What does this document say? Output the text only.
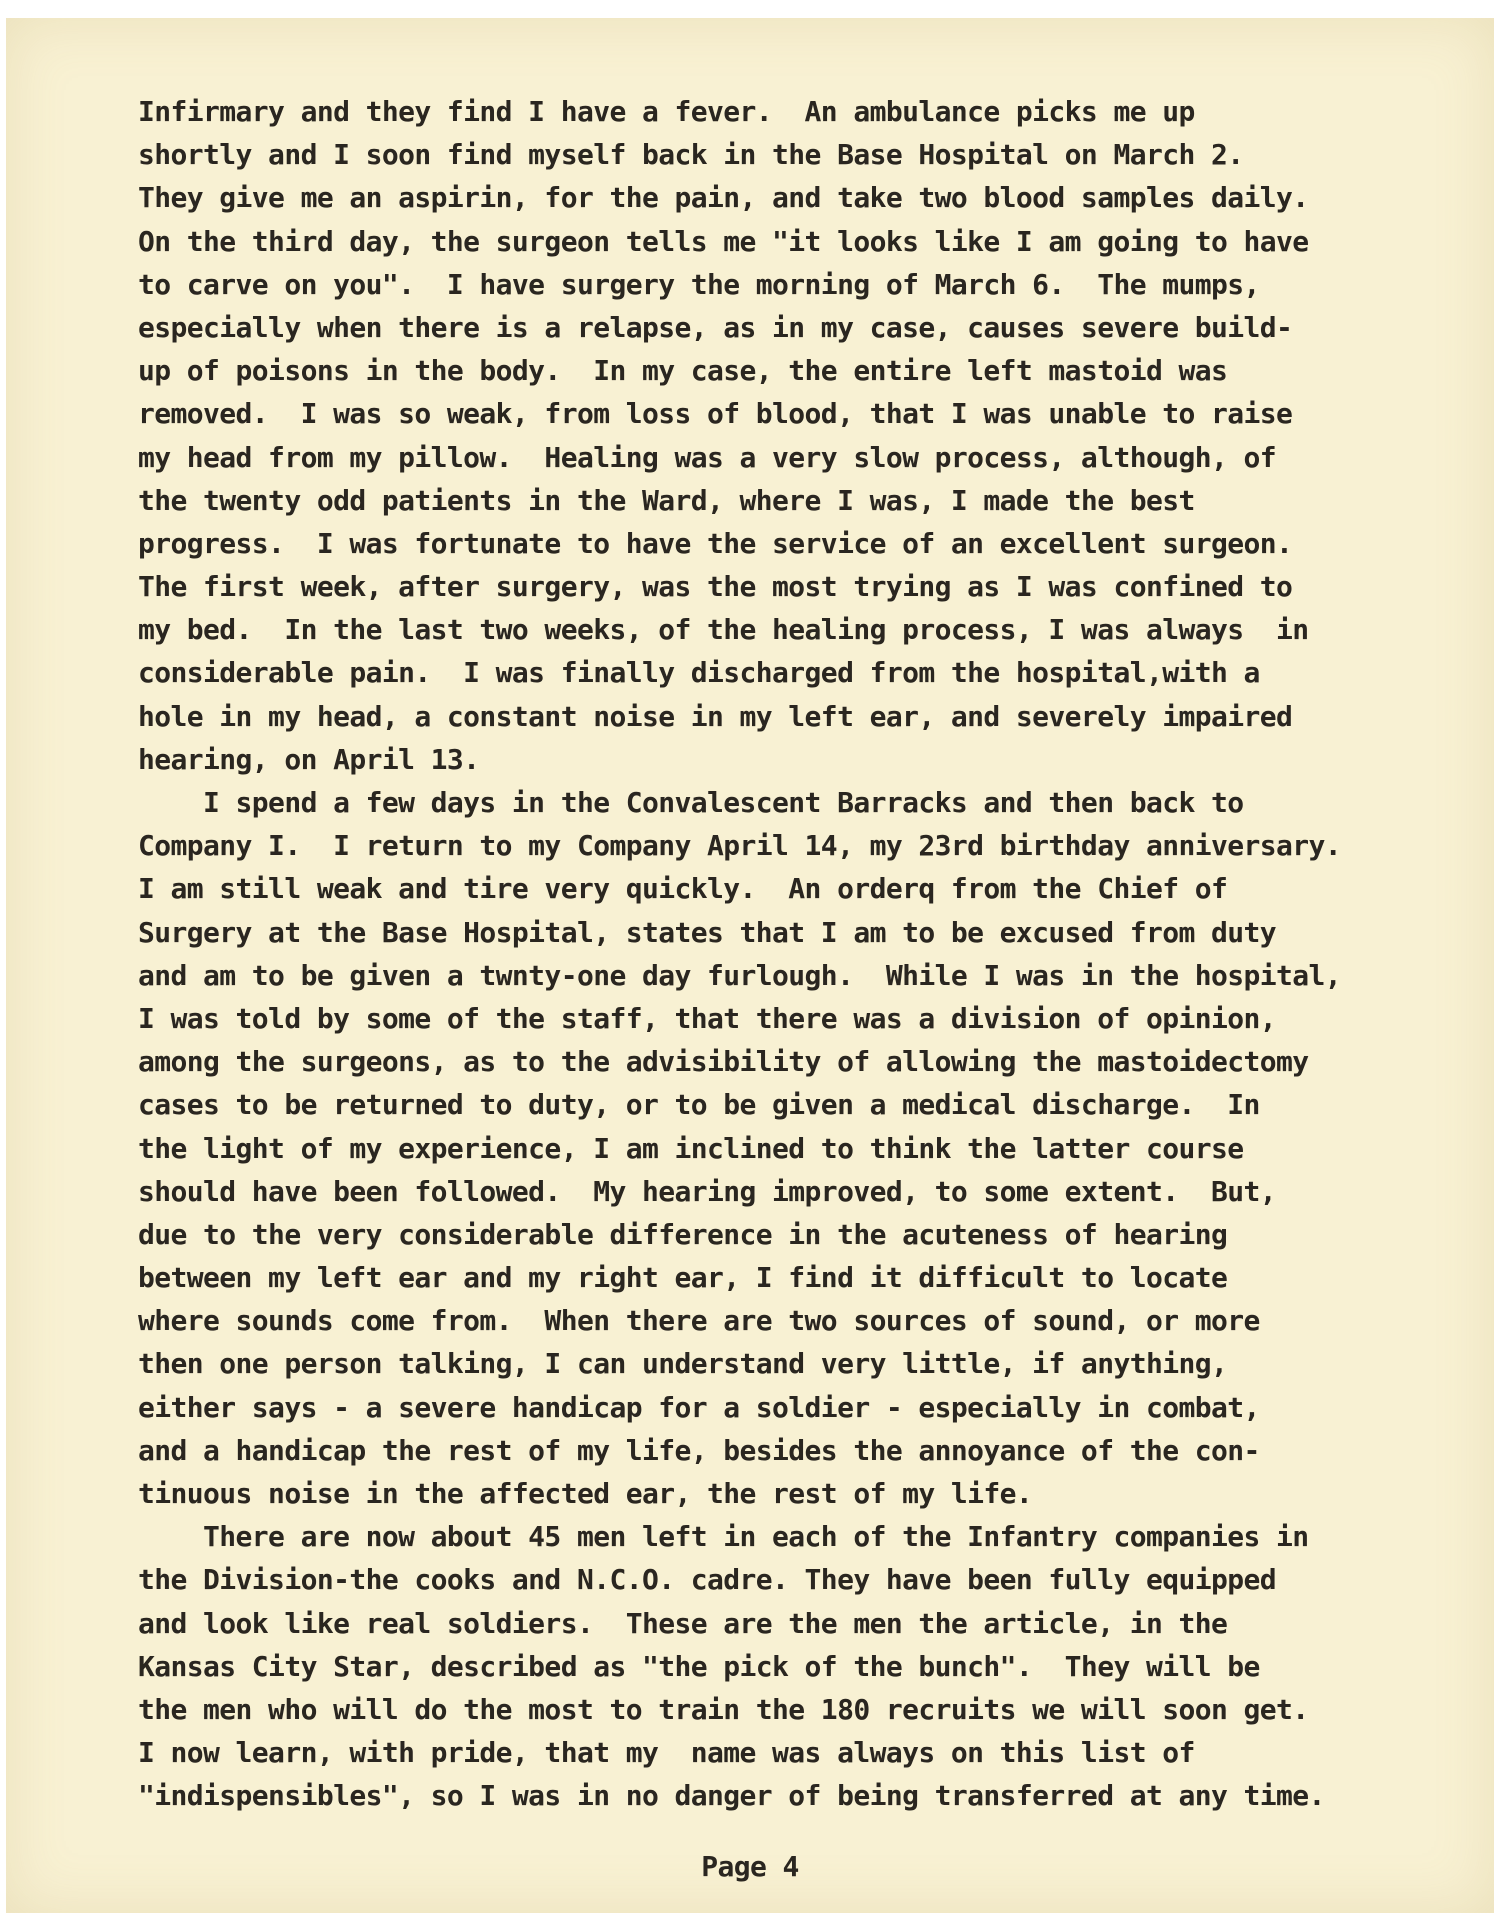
Infirmary and they find I have a fever.  An ambulance picks me up
shortly and I soon find myself back in the Base Hospital on March 2.
They give me an aspirin, for the pain, and take two blood samples daily.
On the third day, the surgeon tells me "it looks like I am going to have
to carve on you".  I have surgery the morning of March 6.  The mumps,
especially when there is a relapse, as in my case, causes severe build-
up of poisons in the body.  In my case, the entire left mastoid was
removed.  I was so weak, from loss of blood, that I was unable to raise
my head from my pillow.  Healing was a very slow process, although, of
the twenty odd patients in the Ward, where I was, I made the best
progress.  I was fortunate to have the service of an excellent surgeon.
The first week, after surgery, was the most trying as I was confined to
my bed.  In the last two weeks, of the healing process, I was always  in
considerable pain.  I was finally discharged from the hospital,with a
hole in my head, a constant noise in my left ear, and severely impaired
hearing, on April 13.
I spend a few days in the Convalescent Barracks and then back to
Company I.  I return to my Company April 14, my 23rd birthday anniversary.
I am still weak and tire very quickly.  An orderq from the Chief of
Surgery at the Base Hospital, states that I am to be excused from duty
and am to be given a twnty-one day furlough.  While I was in the hospital,
I was told by some of the staff, that there was a division of opinion,
among the surgeons, as to the advisibility of allowing the mastoidectomy
cases to be returned to duty, or to be given a medical discharge.  In
the light of my experience, I am inclined to think the latter course
should have been followed.  My hearing improved, to some extent.  But,
due to the very considerable difference in the acuteness of hearing
between my left ear and my right ear, I find it difficult to locate
where sounds come from.  When there are two sources of sound, or more
then one person talking, I can understand very little, if anything,
either says - a severe handicap for a soldier - especially in combat,
and a handicap the rest of my life, besides the annoyance of the con-
tinuous noise in the affected ear, the rest of my life.
There are now about 45 men left in each of the Infantry companies in
the Division-the cooks and N.C.O. cadre. They have been fully equipped
and look like real soldiers.  These are the men the article, in the
Kansas City Star, described as "the pick of the bunch".  They will be
the men who will do the most to train the 180 recruits we will soon get.
I now learn, with pride, that my  name was always on this list of
"indispensibles", so I was in no danger of being transferred at any time.
Page 4
